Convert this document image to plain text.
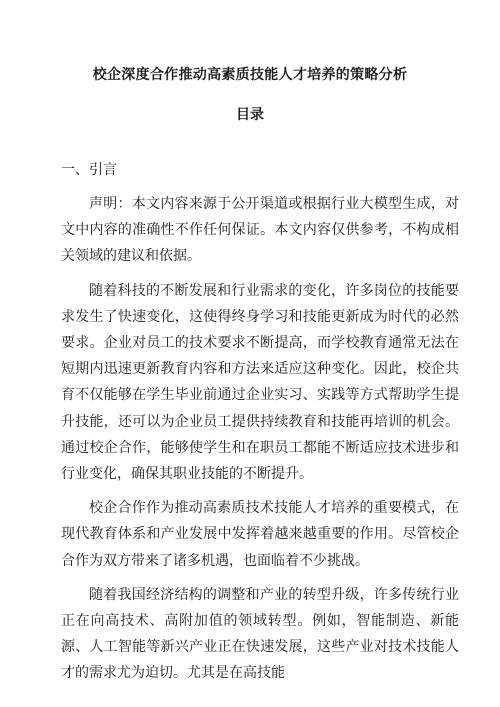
校企深度合作推动高素质技能人才培养的策略分析
目录

一、引言

声明：本文内容来源于公开渠道或根据行业大模型生成，对文中内容的准确性不作任何保证。本文内容仅供参考，不构成相关领域的建议和依据。

随着科技的不断发展和行业需求的变化，许多岗位的技能要求发生了快速变化，这使得终身学习和技能更新成为时代的必然要求。企业对员工的技术要求不断提高，而学校教育通常无法在短期内迅速更新教育内容和方法来适应这种变化。因此，校企共育不仅能够在学生毕业前通过企业实习、实践等方式帮助学生提升技能，还可以为企业员工提供持续教育和技能再培训的机会。通过校企合作，能够使学生和在职员工都能不断适应技术进步和行业变化，确保其职业技能的不断提升。

校企合作作为推动高素质技术技能人才培养的重要模式，在现代教育体系和产业发展中发挥着越来越重要的作用。尽管校企合作为双方带来了诸多机遇，也面临着不少挑战。

随着我国经济结构的调整和产业的转型升级，许多传统行业正在向高技术、高附加值的领域转型。例如，智能制造、新能源、人工智能等新兴产业正在快速发展，这些产业对技术技能人才的需求尤为迫切。尤其是在高技能
